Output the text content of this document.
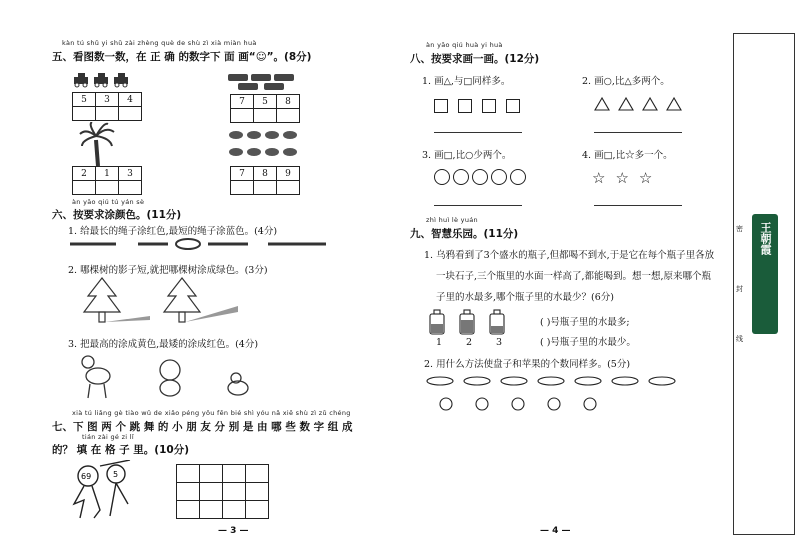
kàn tú shǔ yi shǔ zài zhèng què de shù zì xià miàn huà
五、看图数一数，在 正 确 的数字下 面 画“☺”。(8分)
5	3	4
			7	5	8

2	1	3
			7	8	9

àn yāo qiú tú yán sè
六、按要求涂颜色。(11分)
1. 给最长的绳子涂红色,最短的绳子涂蓝色。(4分)
2. 哪棵树的影子短,就把哪棵树涂成绿色。(3分)
3. 把最高的涂成黄色,最矮的涂成红色。(4分)
xià tú liǎng gè tiào wǔ de xiǎo péng yǒu fēn bié shì yóu nǎ xiē shù zì zǔ chéng
七、下 图 两 个 跳 舞 的 小 朋 友 分 别 是 由 哪 些 数 字 组 成
tián zài gé zi lǐ
的？ 填 在 格 子 里。(10分)
69	5

— 3 —
àn yāo qiú huà yi huà
八、按要求画一画。(12分)
1. 画△,与□同样多。	2. 画○,比△多两个。
3. 画□,比○少两个。	4. 画□,比☆多一个。
☆☆☆
zhì huì lè yuán
九、智慧乐园。(11分)
1. 乌鸦看到了3个盛水的瓶子,但都喝不到水,于是它在每个瓶子里各放
一块石子,三个瓶里的水面一样高了,都能喝到。想一想,原来哪个瓶
子里的水最多,哪个瓶子里的水最少？(6分)
1	2	3
( )号瓶子里的水最多;
( )号瓶子里的水最少。
2. 用什么方法使盘子和苹果的个数同样多。(5分)
— 4 —
王朝霞
密
封
线
